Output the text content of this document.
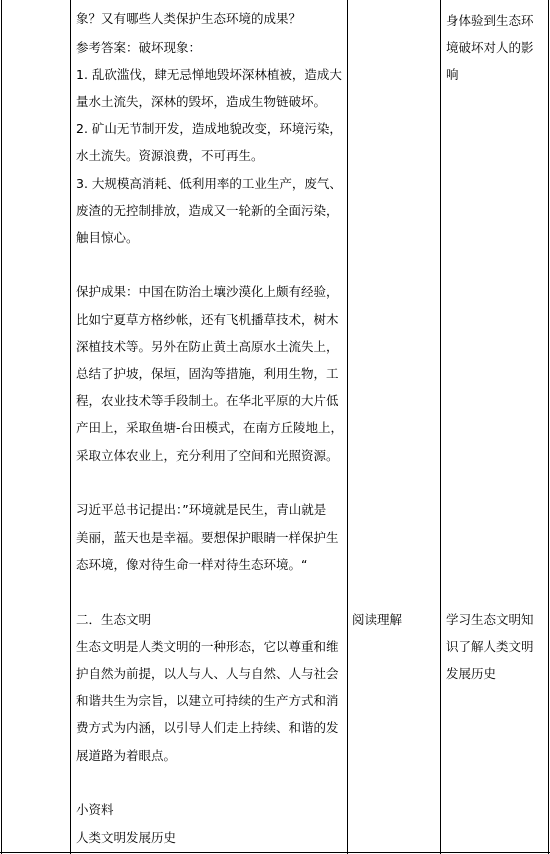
象？又有哪些人类保护生态环境的成果？
参考答案：破坏现象：
1. 乱砍滥伐，肆无忌惮地毁坏深林植被，造成大
量水土流失，深林的毁坏，造成生物链破坏。
2. 矿山无节制开发，造成地貌改变，环境污染，
水土流失。资源浪费，不可再生。
3. 大规模高消耗、低利用率的工业生产，废气、
废渣的无控制排放，造成又一轮新的全面污染，
触目惊心。
保护成果：中国在防治土壤沙漠化上颇有经验，
比如宁夏草方格纱帐，还有飞机播草技术，树木
深植技术等。另外在防止黄土高原水土流失上，
总结了护坡，保垣，固沟等措施，利用生物，工
程，农业技术等手段制土。在华北平原的大片低
产田上，采取鱼塘-台田模式，在南方丘陵地上，
采取立体农业上，充分利用了空间和光照资源。
习近平总书记提出：”环境就是民生，青山就是
美丽，蓝天也是幸福。要想保护眼睛一样保护生
态环境，像对待生命一样对待生态环境。“
二．生态文明
生态文明是人类文明的一种形态，它以尊重和维
护自然为前提，以人与人、人与自然、人与社会
和谐共生为宗旨，以建立可持续的生产方式和消
费方式为内涵，以引导人们走上持续、和谐的发
展道路为着眼点。
小资料
人类文明发展历史
阅读理解
身体验到生态环
境破坏对人的影
响
学习生态文明知
识了解人类文明
发展历史
